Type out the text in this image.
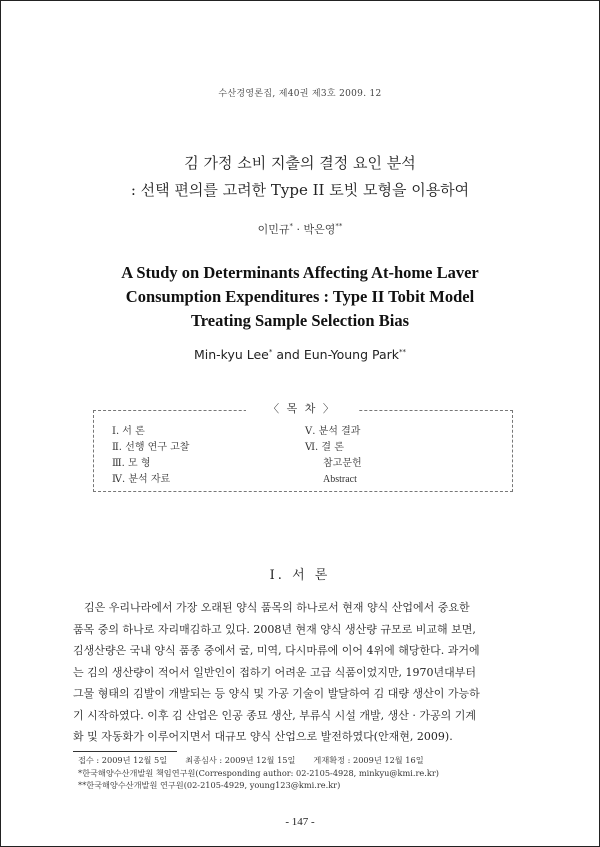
수산경영론집, 제40권 제3호 2009. 12
김 가정 소비 지출의 결정 요인 분석
: 선택 편의를 고려한 Type II 토빗 모형을 이용하여
이민규* · 박은영**
A Study on Determinants Affecting At-home Laver
Consumption Expenditures : Type II Tobit Model
Treating Sample Selection Bias
Min-kyu Lee* and Eun-Young Park**
〈 목 차 〉
Ⅰ. 서 론
Ⅱ. 선행 연구 고찰
Ⅲ. 모 형
Ⅳ. 분석 자료
Ⅴ. 분석 결과
Ⅵ. 결 론
참고문헌
Abstract
Ⅰ. 서 론
김은 우리나라에서 가장 오래된 양식 품목의 하나로서 현재 양식 산업에서 중요한
품목 중의 하나로 자리매김하고 있다. 2008년 현재 양식 생산량 규모로 비교해 보면,
김생산량은 국내 양식 품종 중에서 굴, 미역, 다시마류에 이어 4위에 해당한다. 과거에
는 김의 생산량이 적어서 일반인이 접하기 어려운 고급 식품이었지만, 1970년대부터
그물 형태의 김발이 개발되는 등 양식 및 가공 기술이 발달하여 김 대량 생산이 가능하
기 시작하였다. 이후 김 산업은 인공 종묘 생산, 부류식 시설 개발, 생산 · 가공의 기계
화 및 자동화가 이루어지면서 대규모 양식 산업으로 발전하였다(안재현, 2009).
접수 : 2009년 12월 5일 최종심사 : 2009년 12월 15일 게재확정 : 2009년 12월 16일
*한국해양수산개발원 책임연구원(Corresponding author: 02-2105-4928, minkyu@kmi.re.kr)
**한국해양수산개발원 연구원(02-2105-4929, young123@kmi.re.kr)
- 147 -
